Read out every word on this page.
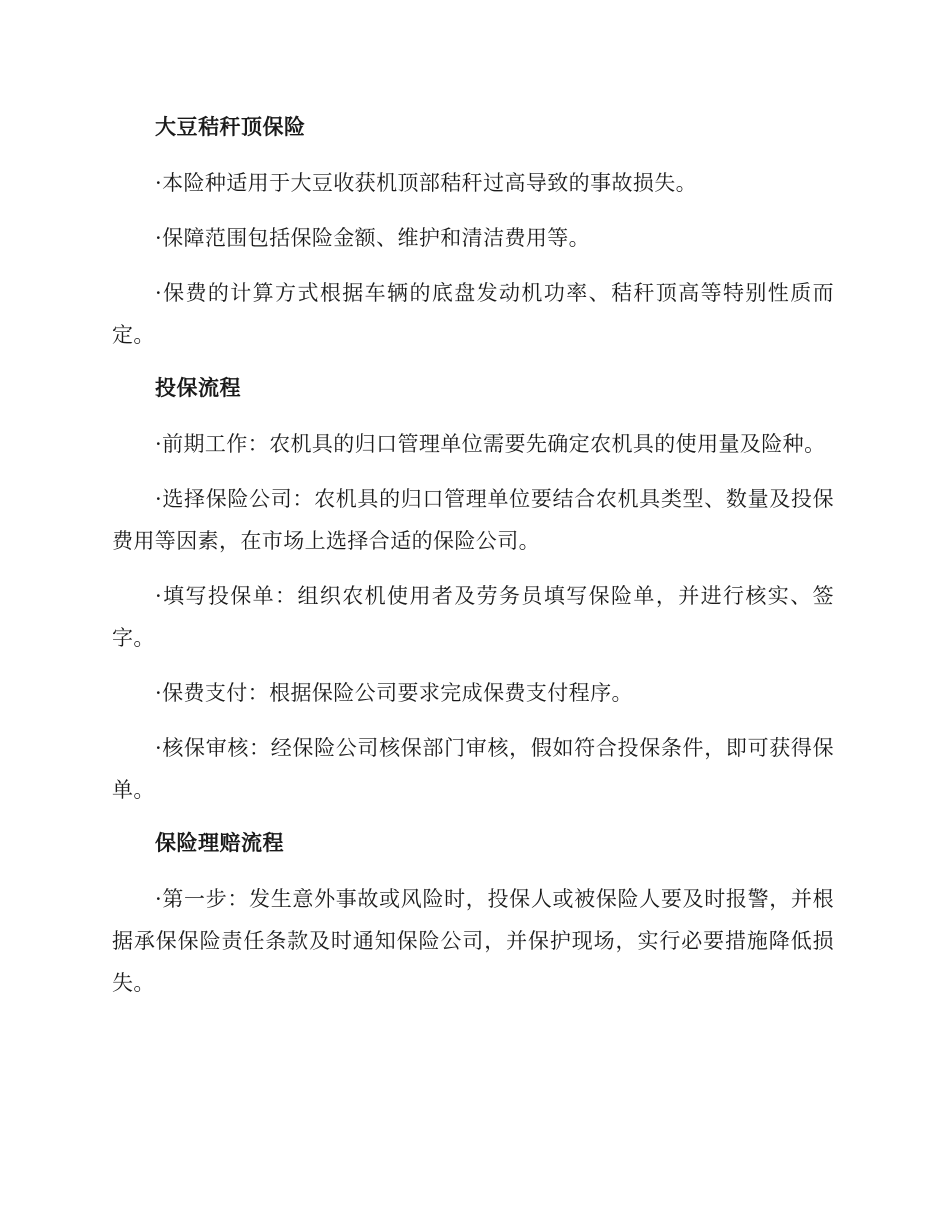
大豆秸秆顶保险

·本险种适用于大豆收获机顶部秸秆过高导致的事故损失。

·保障范围包括保险金额、维护和清洁费用等。

·保费的计算方式根据车辆的底盘发动机功率、秸秆顶高等特别性质而定。

投保流程

·前期工作：农机具的归口管理单位需要先确定农机具的使用量及险种。

·选择保险公司：农机具的归口管理单位要结合农机具类型、数量及投保费用等因素，在市场上选择合适的保险公司。

·填写投保单：组织农机使用者及劳务员填写保险单，并进行核实、签字。

·保费支付：根据保险公司要求完成保费支付程序。

·核保审核：经保险公司核保部门审核，假如符合投保条件，即可获得保单。

保险理赔流程

·第一步：发生意外事故或风险时，投保人或被保险人要及时报警，并根据承保保险责任条款及时通知保险公司，并保护现场，实行必要措施降低损失。
